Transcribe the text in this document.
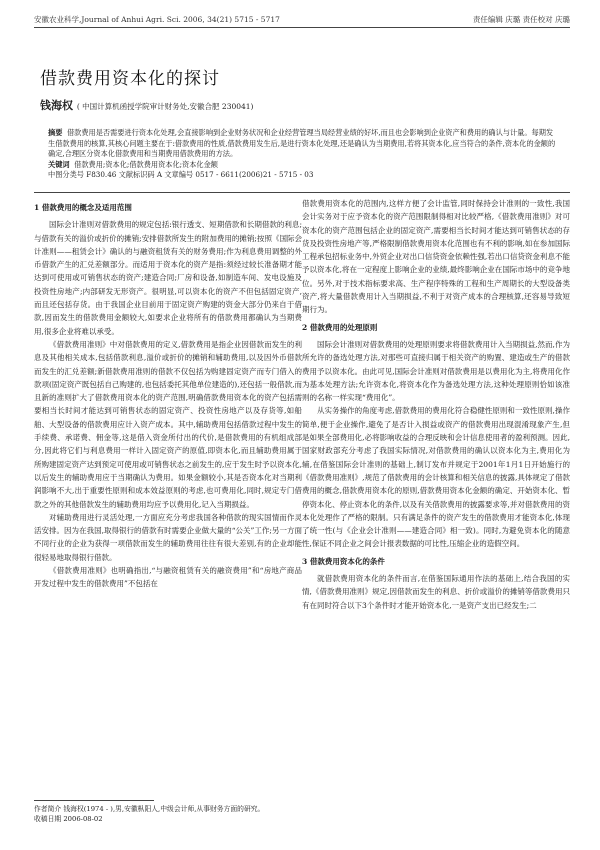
安徽农业科学,Journal of Anhui Agri. Sci. 2006, 34(21) 5715 - 5717	责任编辑 庆璐 责任校对 庆璐
借款费用资本化的探讨
钱海权 ( 中国计算机函授学院审计财务处,安徽合肥 230041)
摘要 借款费用是否需要进行资本化处理,会直接影响到企业财务状况和企业经营管理当局经营业绩的好坏,而且也会影响到企业资产和费用的确认与计量。每期发生借款费用的核算,其核心问题主要在于:借款费用的性质,借款费用发生后,是进行资本化处理,还是确认为当期费用,若将其资本化,应当符合的条件,资本化的金额的确定,合理区分资本化借款费用和当期费用借款费用的方法。
关键词 借款费用;资本化;借款费用资本化;资本化金额
中图分类号 F830.46 文献标识码 A 文章编号 0517 - 6611(2006)21 - 5715 - 03

1 借款费用的概念及适用范围

国际会计准则对借款费用的规定包括:银行透支、短期借款和长期借款的利息;与借款有关的溢价或折价的摊销;安排借款所发生的附加费用的摊销;按照《国际会计准则——租赁会计》确认的与融资租赁有关的财务费用;作为利息费用调整的外币借款产生的汇兑差额部分。而适用于资本化的资产是指:须经过较长准备期才能达到可使用或可销售状态的资产;建造合同;厂房和设备,如制造车间、发电设施及投资性房地产;内部研发无形资产。很明显,可以资本化的资产不但包括固定资产,而且还包括存货。由于我国企业目前用于固定资产购建的资金大部分仍来自于借款,因而发生的借款费用金额较大,如要求企业将所有的借款费用都确认为当期费用,很多企业将难以承受。

《借款费用准则》中对借款费用的定义,借款费用是指企业因借款而发生的利息及其他相关成本,包括借款利息,溢价或折价的摊销和辅助费用,以及因外币借款而发生的汇兑差额;新借款费用准则的借款不仅包括为购建固定资产而专门借入的款项(固定资产既包括自己购建的,也包括委托其他单位建造的),还包括一般借款,而且新的准则扩大了借款费用资本化的资产范围,明确借款费用资本化的资产包括需要相当长时间才能达到可销售状态的固定资产、投资性房地产以及存货等,如船舶、大型设备的借款费用应计入资产成本。其中,辅助费用包括借款过程中发生的手续费、承诺费、佣金等,这是借入资金所付出的代价,是借款费用的有机组成部分,因此将它们与利息费用一样计入固定资产的原值,即资本化,而且辅助费用属于所购建固定资产达到预定可使用或可销售状态之前发生的,应于发生时予以资本化,以后发生的辅助费用应于当期确认为费用。如果金额较小,其是否资本化对当期利润影响不大,出于重要性原则和成本效益原则的考虑,也可费用化,同时,规定专门借款之外的其他借款发生的辅助费用均应予以费用化,记入当期损益。

对辅助费用进行灵活处理,一方面应充分考虑我国各种借款的现实国情而作灵活安排。因为在我国,取得银行的借款有时需要企业做大量的“公关”工作;另一方面不同行业的企业为获得一项借款而发生的辅助费用往往有很大差别,有的企业却能很轻易地取得银行借款。

《借款费用准则》也明确指出,“与融资租赁有关的融资费用”和“房地产商品开发过程中发生的借款费用”不包括在

借款费用资本化的范围内,这样方便了会计监管,同时保持会计准则的一致性,我国会计实务对于应予资本化的资产范围限制得相对比较严格,《借款费用准则》对可资本化的资产范围包括企业的固定资产,需要相当长时间才能达到可销售状态的存货及投资性房地产等,严格限制借款费用资本化范围也有不利的影响,如在参加国际工程承包招标业务中,外贸企业对出口信贷资金依赖性强,若出口信贷资金利息不能予以资本化,将在一定程度上影响企业的业绩,最终影响企业在国际市场中的竞争地位。另外,对于技术指标要求高、生产程序特殊的工程和生产周期长的大型设备类资产,将大量借款费用计入当期损益,不利于对资产成本的合理核算,还容易导致短期行为。

2 借款费用的处理原则

国际会计准则对借款费用的处理原则要求将借款费用计入当期损益,然而,作为所允许的备选处理方法,对那些可直接归属于相关资产的购置、建造或生产的借款费用予以资本化。由此可见,国际会计准则对借款费用是以费用化为主,将费用化作为基本处理方法;允许资本化,将资本化作为备选处理方法,这种处理原则恰如该准则的名称一样实现“费用化”。

从实务操作的角度考虑,借款费用的费用化符合稳健性原则和一致性原则,操作简单,便于企业操作,避免了是否计入损益或资产的借款费用出现混淆现象产生,但是如果全部费用化,必将影响收益的合理反映和会计信息使用者的盈利预测。因此,国家财政部充分考虑了我国实际情况,对借款费用的确认以资本化为主,费用化为辅,在借鉴国际会计准则的基础上,制订发布并规定于2001年1月1日开始施行的《借款费用准则》,规范了借款费用的会计核算和相关信息的披露,具体规定了借款费用的概念,借款费用资本化的原则,借款费用资本化金额的确定、开始资本化、暂停资本化、停止资本化的条件,以及有关借款费用的披露要求等,并对借款费用的资本化处理作了严格的限制。只有满足条件的资产发生的借款费用才能资本化,体现了统一性(与《企业会计准则——建造合同》相一致)。同时,为避免资本化的随意性,保证不同企业之间会计报表数据的可比性,压缩企业的造假空间。

3 借款费用资本化的条件

就借款费用资本化的条件而言,在借鉴国际通用作法的基础上,结合我国的实情,《借款费用准则》规定,因借款而发生的利息、折价或溢价的摊销等借款费用只有在同时符合以下3个条件时才能开始资本化,一是资产支出已经发生;二

作者简介 钱海权(1974 - ),男,安徽枞阳人,中级会计师,从事财务方面的研究。
收稿日期 2006-08-02
